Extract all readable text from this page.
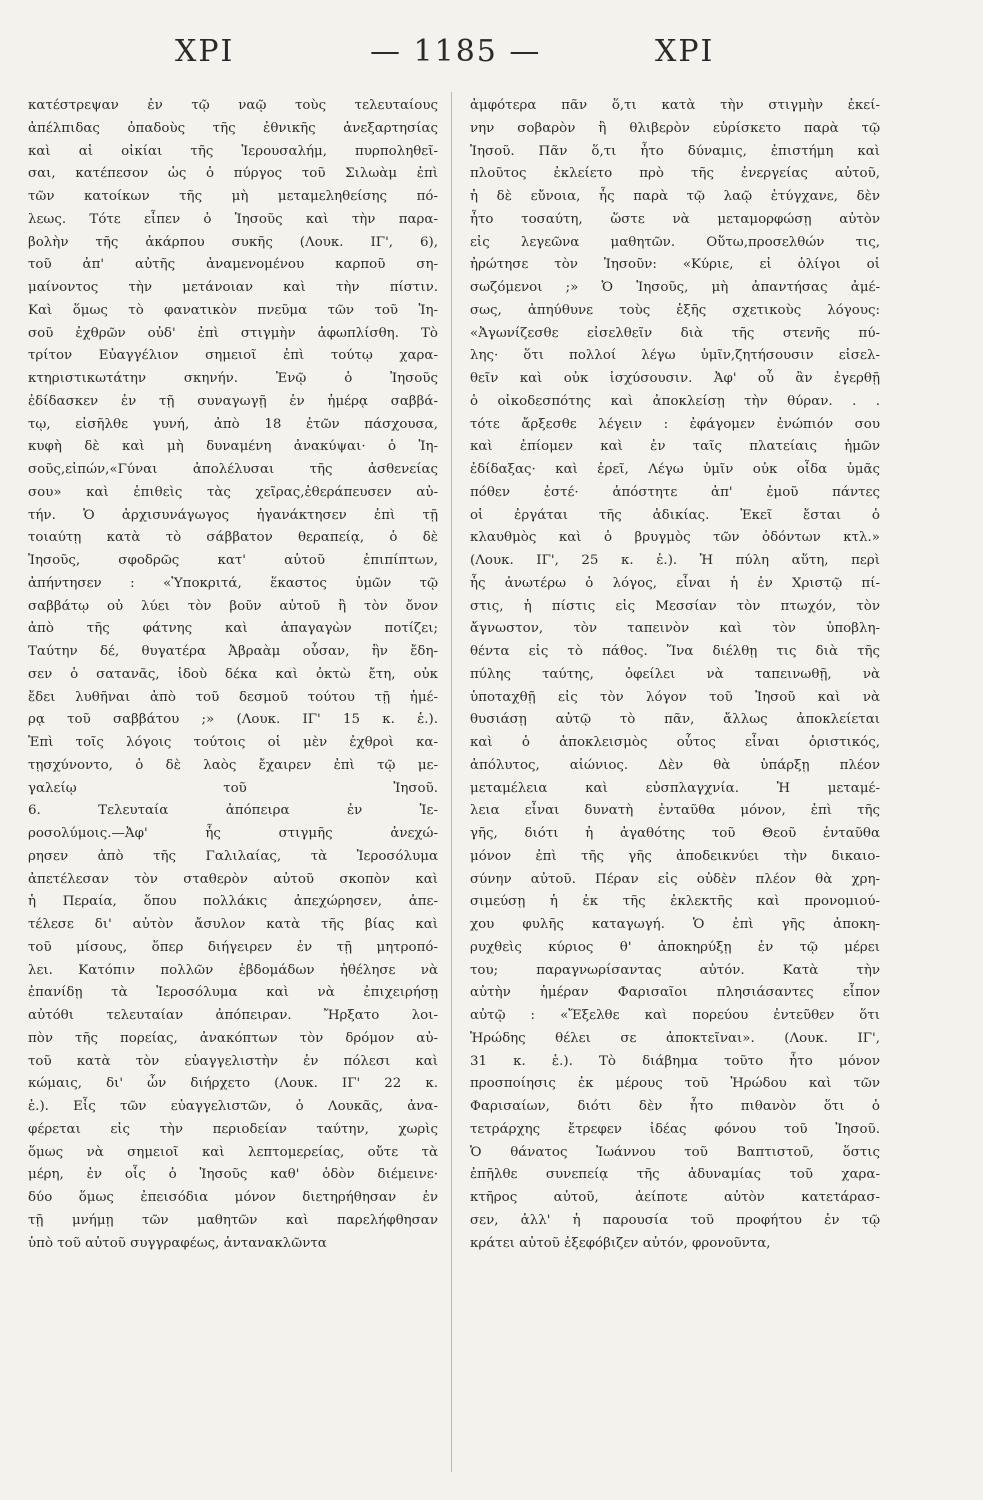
ΧΡΙ	— 1185 —	ΧΡΙ
κατέστρεψαν ἐν τῷ ναῷ τοὺς τελευταίους
ἀπέλπιδας ὀπαδοὺς τῆς ἐθνικῆς ἀνεξαρτησίας
καὶ αἱ οἰκίαι τῆς Ἱερουσαλήμ, πυρποληθεῖ-
σαι, κατέπεσον ὡς ὁ πύργος τοῦ Σιλωὰμ ἐπὶ
τῶν κατοίκων τῆς μὴ μεταμεληθείσης πό-
λεως. Τότε εἶπεν ὁ Ἰησοῦς καὶ τὴν παρα-
βολὴν τῆς ἀκάρπου συκῆς (Λουκ. ΙΓ', 6),
τοῦ ἀπ' αὐτῆς ἀναμενομένου καρποῦ ση-
μαίνοντος τὴν μετάνοιαν καὶ τὴν πίστιν.
Καὶ ὅμως τὸ φανατικὸν πνεῦμα τῶν τοῦ Ἰη-
σοῦ ἐχθρῶν οὐδ' ἐπὶ στιγμὴν ἀφωπλίσθη. Τὸ
τρίτον Εὐαγγέλιον σημειοῖ ἐπὶ τούτῳ χαρα-
κτηριστικωτάτην σκηνήν. Ἐνῷ ὁ Ἰησοῦς
ἐδίδασκεν ἐν τῇ συναγωγῇ ἐν ἡμέρᾳ σαββά-
τῳ, εἰσῆλθε γυνή, ἀπὸ 18 ἐτῶν πάσχουσα,
κυφὴ δὲ καὶ μὴ δυναμένη ἀνακύψαι· ὁ Ἰη-
σοῦς,εἰπών,«Γύναι ἀπολέλυσαι τῆς ἀσθενείας
σου» καὶ ἐπιθεὶς τὰς χεῖρας,ἐθεράπευσεν αὐ-
τήν. Ὁ ἀρχισυνάγωγος ἠγανάκτησεν ἐπὶ τῇ
τοιαύτῃ κατὰ τὸ σάββατον θεραπείᾳ, ὁ δὲ
Ἰησοῦς, σφοδρῶς κατ' αὐτοῦ ἐπιπίπτων,
ἀπήντησεν : «Ὑποκριτά, ἕκαστος ὑμῶν τῷ
σαββάτῳ οὐ λύει τὸν βοῦν αὐτοῦ ἢ τὸν ὄνον
ἀπὸ τῆς φάτνης καὶ ἀπαγαγὼν ποτίζει;
Ταύτην δέ, θυγατέρα Ἀβραὰμ οὖσαν, ἣν ἔδη-
σεν ὁ σατανᾶς, ἰδοὺ δέκα καὶ ὀκτὼ ἔτη, οὐκ
ἔδει λυθῆναι ἀπὸ τοῦ δεσμοῦ τούτου τῇ ἡμέ-
ρᾳ τοῦ σαββάτου ;» (Λουκ. ΙΓ' 15 κ. ἑ.).
Ἐπὶ τοῖς λόγοις τούτοις οἱ μὲν ἐχθροὶ κα-
τῃσχύνοντο, ὁ δὲ λαὸς ἔχαιρεν ἐπὶ τῷ με-
γαλείῳ τοῦ Ἰησοῦ.
6. Τελευταία ἀπόπειρα ἐν Ἱε-
ροσολύμοις.—Ἀφ' ἧς στιγμῆς ἀνεχώ-
ρησεν ἀπὸ τῆς Γαλιλαίας, τὰ Ἱεροσόλυμα
ἀπετέλεσαν τὸν σταθερὸν αὐτοῦ σκοπὸν καὶ
ἡ Περαία, ὅπου πολλάκις ἀπεχώρησεν, ἀπε-
τέλεσε δι' αὐτὸν ἄσυλον κατὰ τῆς βίας καὶ
τοῦ μίσους, ὅπερ διήγειρεν ἐν τῇ μητροπό-
λει. Κατόπιν πολλῶν ἑβδομάδων ἠθέλησε νὰ
ἐπανίδῃ τὰ Ἱεροσόλυμα καὶ νὰ ἐπιχειρήσῃ
αὐτόθι τελευταίαν ἀπόπειραν. Ἤρξατο λοι-
πὸν τῆς πορείας, ἀνακόπτων τὸν δρόμον αὐ-
τοῦ κατὰ τὸν εὐαγγελιστὴν ἐν πόλεσι καὶ
κώμαις, δι' ὧν διήρχετο (Λουκ. ΙΓ' 22 κ.
ἑ.). Εἷς τῶν εὐαγγελιστῶν, ὁ Λουκᾶς, ἀνα-
φέρεται εἰς τὴν περιοδείαν ταύτην, χωρὶς
ὅμως νὰ σημειοῖ καὶ λεπτομερείας, οὔτε τὰ
μέρη, ἐν οἷς ὁ Ἰησοῦς καθ' ὁδὸν διέμεινε·
δύο ὅμως ἐπεισόδια μόνον διετηρήθησαν ἐν
τῇ μνήμῃ τῶν μαθητῶν καὶ παρελήφθησαν
ὑπὸ τοῦ αὐτοῦ συγγραφέως, ἀντανακλῶντα
ἀμφότερα πᾶν ὅ,τι κατὰ τὴν στιγμὴν ἐκεί-
νην σοβαρὸν ἢ θλιβερὸν εὑρίσκετο παρὰ τῷ
Ἰησοῦ. Πᾶν ὅ,τι ἦτο δύναμις, ἐπιστήμη καὶ
πλοῦτος ἐκλείετο πρὸ τῆς ἐνεργείας αὐτοῦ,
ἡ δὲ εὔνοια, ἧς παρὰ τῷ λαῷ ἐτύγχανε, δὲν
ἦτο τοσαύτη, ὥστε νὰ μεταμορφώσῃ αὐτὸν
εἰς λεγεῶνα μαθητῶν. Οὕτω,προσελθών τις,
ἠρώτησε τὸν Ἰησοῦν: «Κύριε, εἰ ὀλίγοι οἱ
σωζόμενοι ;» Ὁ Ἰησοῦς, μὴ ἀπαντήσας ἀμέ-
σως, ἀπηύθυνε τοὺς ἑξῆς σχετικοὺς λόγους:
«Ἀγωνίζεσθε εἰσελθεῖν διὰ τῆς στενῆς πύ-
λης· ὅτι πολλοί λέγω ὑμῖν,ζητήσουσιν εἰσελ-
θεῖν καὶ οὐκ ἰσχύσουσιν. Ἀφ' οὗ ἂν ἐγερθῇ
ὁ οἰκοδεσπότης καὶ ἀποκλείσῃ τὴν θύραν. . .
τότε ἄρξεσθε λέγειν : ἐφάγομεν ἐνώπιόν σου
καὶ ἐπίομεν καὶ ἐν ταῖς πλατείαις ἡμῶν
ἐδίδαξας· καὶ ἐρεῖ, Λέγω ὑμῖν οὐκ οἶδα ὑμᾶς
πόθεν ἐστέ· ἀπόστητε ἀπ' ἐμοῦ πάντες
οἱ ἐργάται τῆς ἀδικίας. Ἐκεῖ ἔσται ὁ
κλαυθμὸς καὶ ὁ βρυγμὸς τῶν ὀδόντων κτλ.»
(Λουκ. ΙΓ', 25 κ. ἑ.). Ἡ πύλη αὕτη, περὶ
ἧς ἀνωτέρω ὁ λόγος, εἶναι ἡ ἐν Χριστῷ πί-
στις, ἡ πίστις εἰς Μεσσίαν τὸν πτωχόν, τὸν
ἄγνωστον, τὸν ταπεινὸν καὶ τὸν ὑποβλη-
θέντα εἰς τὸ πάθος. Ἵνα διέλθῃ τις διὰ τῆς
πύλης ταύτης, ὀφείλει νὰ ταπεινωθῇ, νὰ
ὑποταχθῇ εἰς τὸν λόγον τοῦ Ἰησοῦ καὶ νὰ
θυσιάσῃ αὐτῷ τὸ πᾶν, ἄλλως ἀποκλείεται
καὶ ὁ ἀποκλεισμὸς οὗτος εἶναι ὁριστικός,
ἀπόλυτος, αἰώνιος. Δὲν θὰ ὑπάρξῃ πλέον
μεταμέλεια καὶ εὐσπλαγχνία. Ἡ μεταμέ-
λεια εἶναι δυνατὴ ἐνταῦθα μόνον, ἐπὶ τῆς
γῆς, διότι ἡ ἀγαθότης τοῦ Θεοῦ ἐνταῦθα
μόνον ἐπὶ τῆς γῆς ἀποδεικνύει τὴν δικαιο-
σύνην αὐτοῦ. Πέραν εἰς οὐδὲν πλέον θὰ χρη-
σιμεύσῃ ἡ ἐκ τῆς ἐκλεκτῆς καὶ προνομιού-
χου φυλῆς καταγωγή. Ὁ ἐπὶ γῆς ἀποκη-
ρυχθεὶς κύριος θ' ἀποκηρύξῃ ἐν τῷ μέρει
του; παραγνωρίσαντας αὐτόν. Κατὰ τὴν
αὐτὴν ἡμέραν Φαρισαῖοι πλησιάσαντες εἶπον
αὐτῷ : «Ἔξελθε καὶ πορεύου ἐντεῦθεν ὅτι
Ἡρώδης θέλει σε ἀποκτεῖναι». (Λουκ. ΙΓ',
31 κ. ἑ.). Τὸ διάβημα τοῦτο ἦτο μόνον
προσποίησις ἐκ μέρους τοῦ Ἡρώδου καὶ τῶν
Φαρισαίων, διότι δὲν ἦτο πιθανὸν ὅτι ὁ
τετράρχης ἔτρεφεν ἰδέας φόνου τοῦ Ἰησοῦ.
Ὁ θάνατος Ἰωάννου τοῦ Βαπτιστοῦ, ὅστις
ἐπῆλθε συνεπείᾳ τῆς ἀδυναμίας τοῦ χαρα-
κτῆρος αὐτοῦ, ἀείποτε αὐτὸν κατετάρασ-
σεν, ἀλλ' ἡ παρουσία τοῦ προφήτου ἐν τῷ
κράτει αὐτοῦ ἐξεφόβιζεν αὐτόν, φρονοῦντα,
